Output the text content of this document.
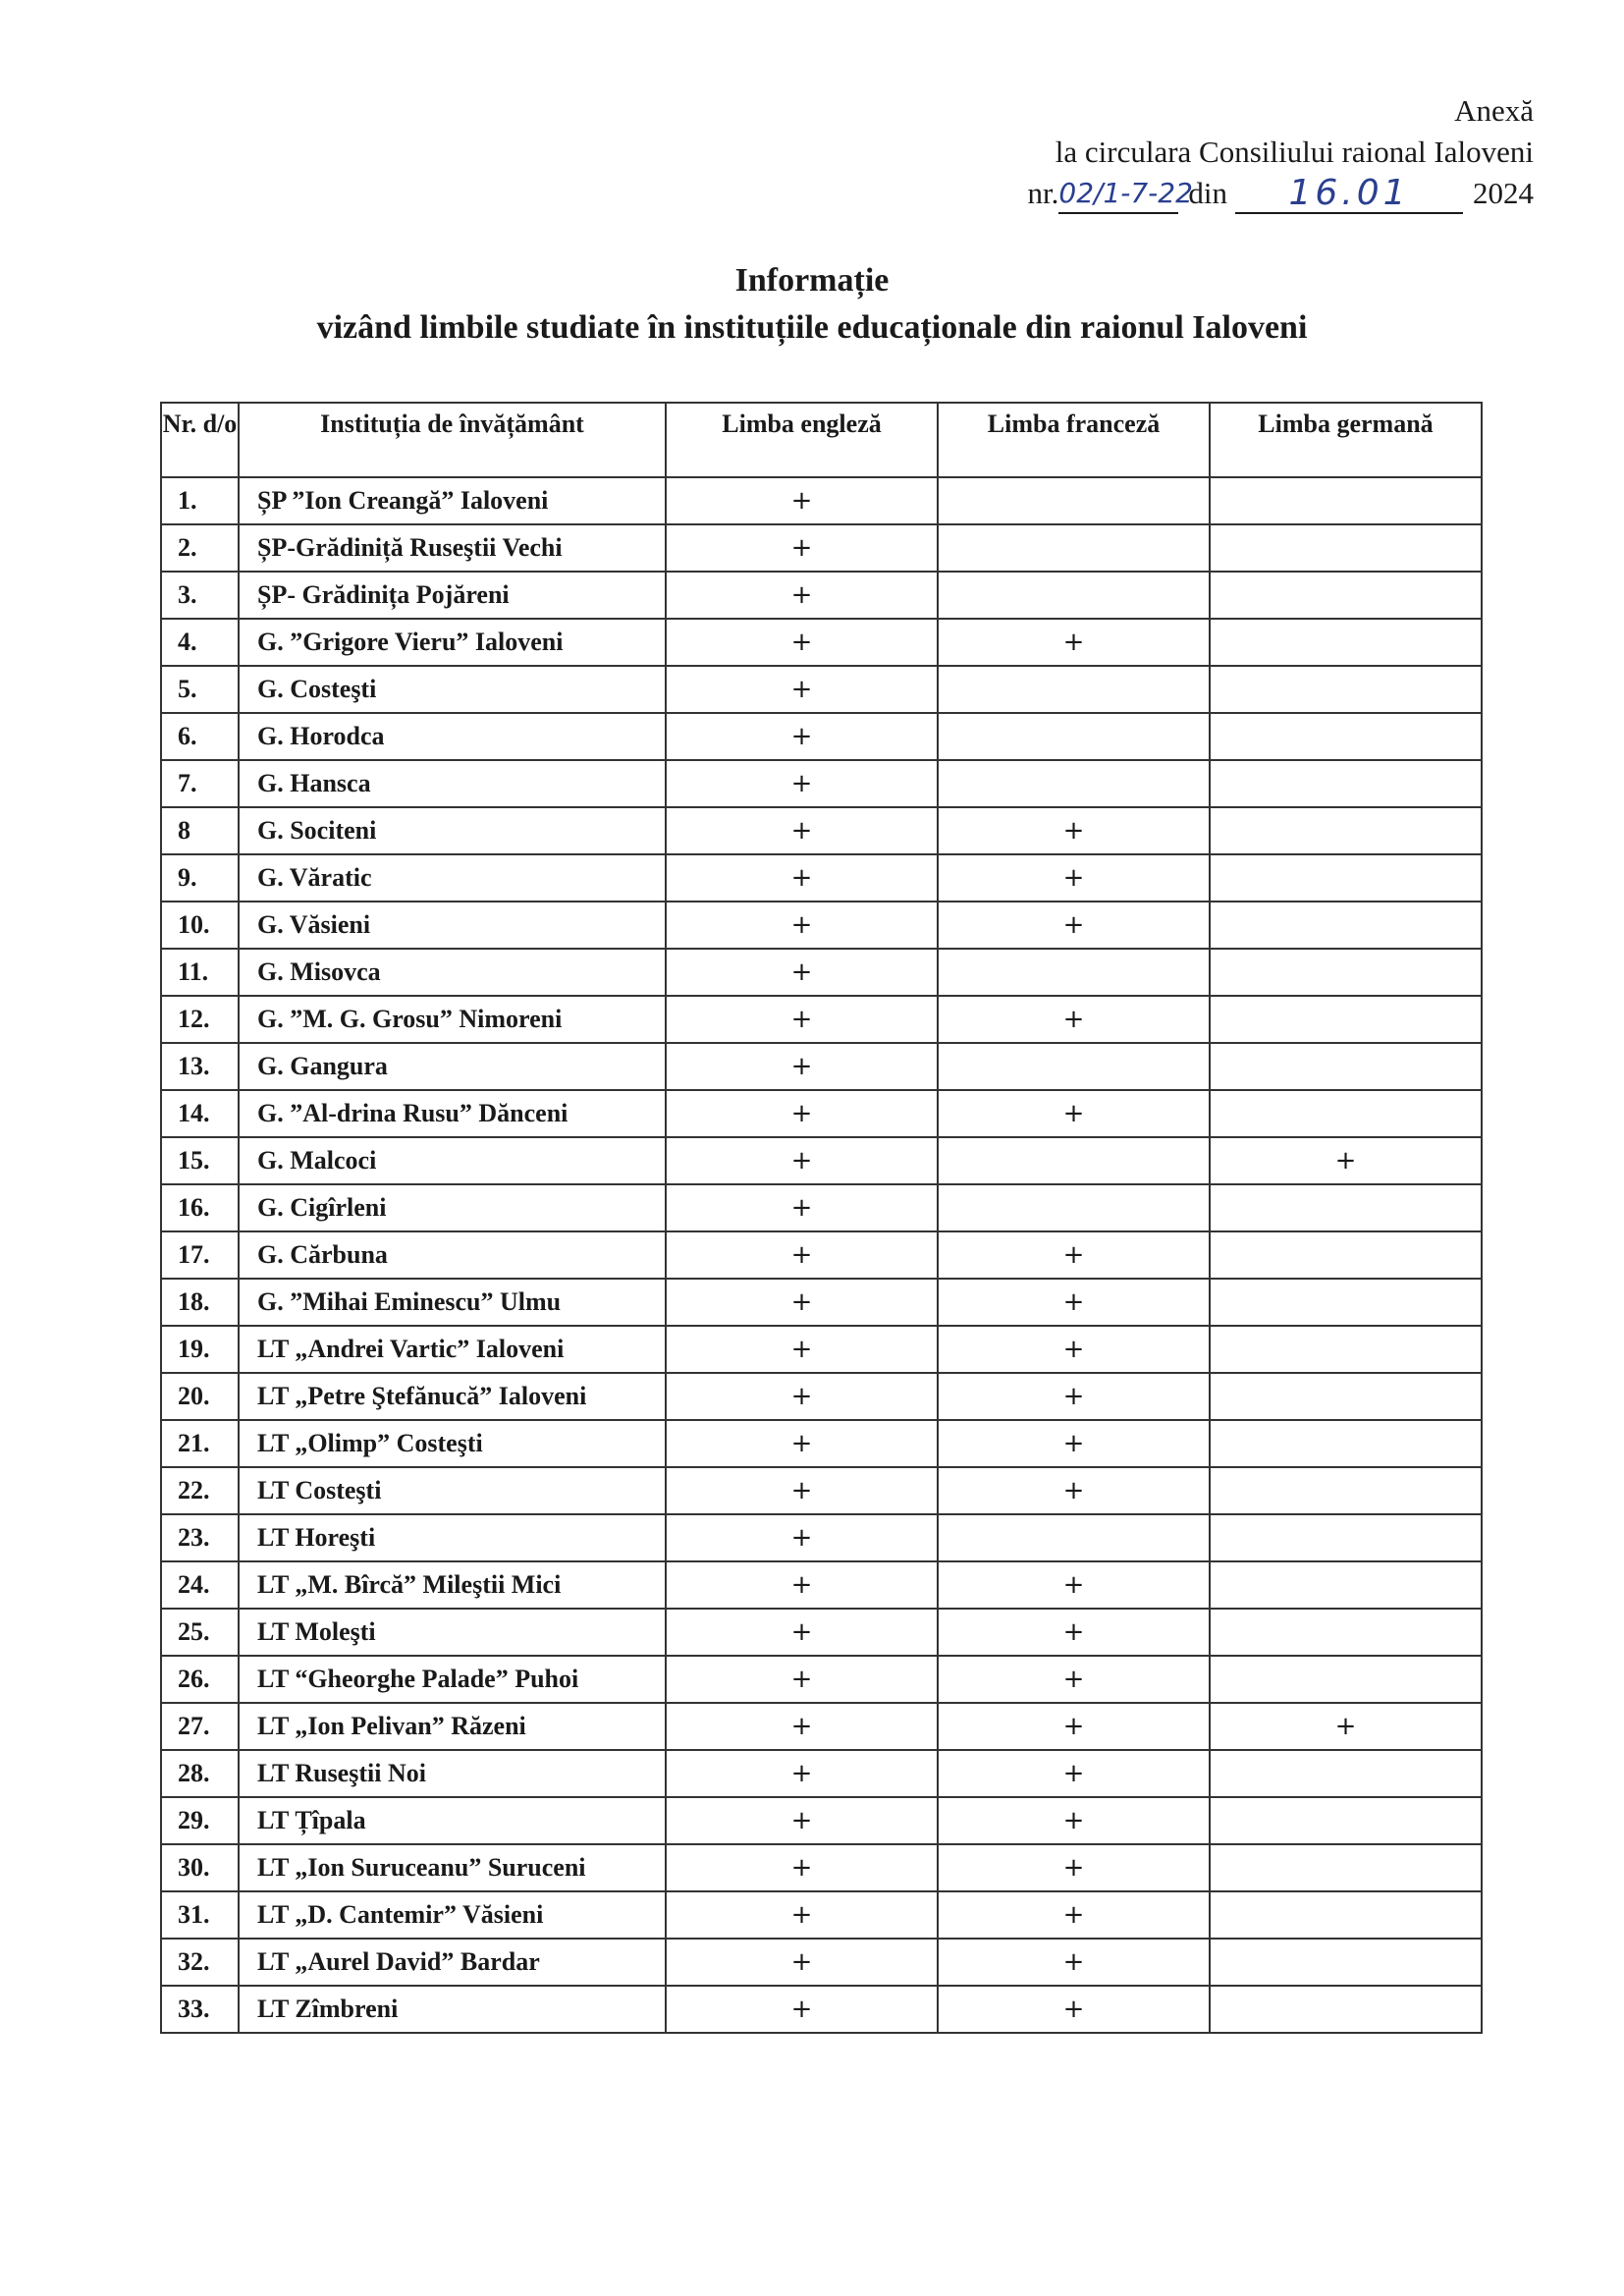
Anexă
la circulara Consiliului raional Ialoveni
nr. 02/1-7-22
din	16.01	2024
Informație
vizând limbile studiate în instituțiile educaționale din raionul Ialoveni
Nr. d/o	Instituția de învățământ	Limba engleză	Limba franceză	Limba germană
1.	ȘP ”Ion Creangă” Ialoveni	+		
2.	ȘP-Grădiniță Ruseştii Vechi	+		
3.	ȘP- Grădinița Pojăreni	+		
4.	G. ”Grigore Vieru” Ialoveni	+	+	
5.	G. Costeşti	+		
6.	G. Horodca	+		
7.	G. Hansca	+		
8	G. Sociteni	+	+	
9.	G. Văratic	+	+	
10.	G. Văsieni	+	+	
11.	G. Misovca	+		
12.	G. ”M. G. Grosu” Nimoreni	+	+	
13.	G. Gangura	+		
14.	G. ”Al-drina Rusu” Dănceni	+	+	
15.	G. Malcoci	+		+
16.	G. Cigîrleni	+		
17.	G. Cărbuna	+	+	
18.	G. ”Mihai Eminescu” Ulmu	+	+	
19.	LT „Andrei Vartic” Ialoveni	+	+	
20.	LT „Petre Ştefănucă” Ialoveni	+	+	
21.	LT „Olimp” Costeşti	+	+	
22.	LT Costeşti	+	+	
23.	LT Horeşti	+		
24.	LT „M. Bîrcă” Mileştii Mici	+	+	
25.	LT Moleşti	+	+	
26.	LT “Gheorghe Palade” Puhoi	+	+	
27.	LT „Ion Pelivan” Răzeni	+	+	+
28.	LT Ruseştii Noi	+	+	
29.	LT Țîpala	+	+	
30.	LT „Ion Suruceanu” Suruceni	+	+	
31.	LT „D. Cantemir” Văsieni	+	+	
32.	LT „Aurel David” Bardar	+	+	
33.	LT Zîmbreni	+	+	
